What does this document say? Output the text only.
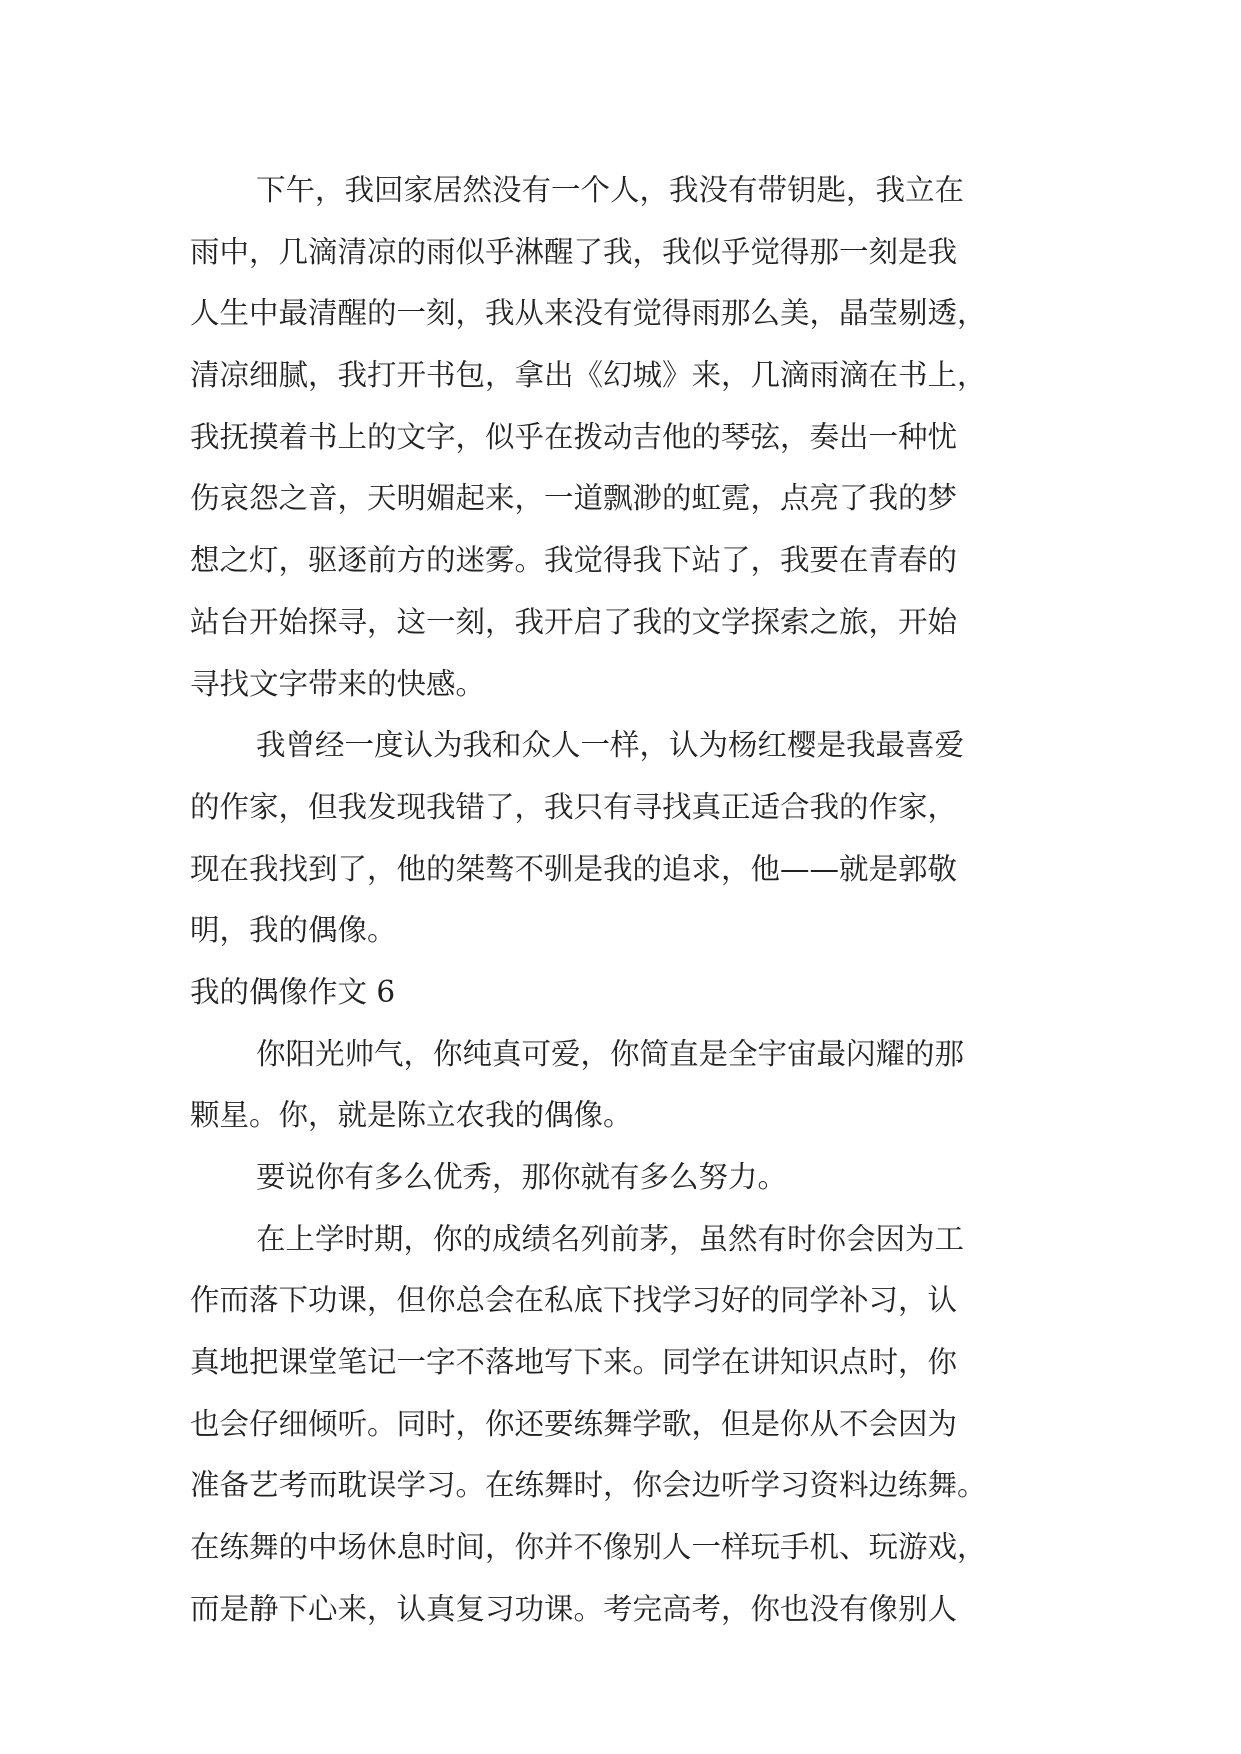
下午，我回家居然没有一个人，我没有带钥匙，我立在
雨中，几滴清凉的雨似乎淋醒了我，我似乎觉得那一刻是我
人生中最清醒的一刻，我从来没有觉得雨那么美，晶莹剔透，
清凉细腻，我打开书包，拿出《幻城》来，几滴雨滴在书上，
我抚摸着书上的文字，似乎在拨动吉他的琴弦，奏出一种忧
伤哀怨之音，天明媚起来，一道飘渺的虹霓，点亮了我的梦
想之灯，驱逐前方的迷雾。我觉得我下站了，我要在青春的
站台开始探寻，这一刻，我开启了我的文学探索之旅，开始
寻找文字带来的快感。
我曾经一度认为我和众人一样，认为杨红樱是我最喜爱
的作家，但我发现我错了，我只有寻找真正适合我的作家，
现在我找到了，他的桀骜不驯是我的追求，他——就是郭敬
明，我的偶像。
我的偶像作文 6
你阳光帅气，你纯真可爱，你简直是全宇宙最闪耀的那
颗星。你，就是陈立农我的偶像。
要说你有多么优秀，那你就有多么努力。
在上学时期，你的成绩名列前茅，虽然有时你会因为工
作而落下功课，但你总会在私底下找学习好的同学补习，认
真地把课堂笔记一字不落地写下来。同学在讲知识点时，你
也会仔细倾听。同时，你还要练舞学歌，但是你从不会因为
准备艺考而耽误学习。在练舞时，你会边听学习资料边练舞。
在练舞的中场休息时间，你并不像别人一样玩手机、玩游戏，
而是静下心来，认真复习功课。考完高考，你也没有像别人
